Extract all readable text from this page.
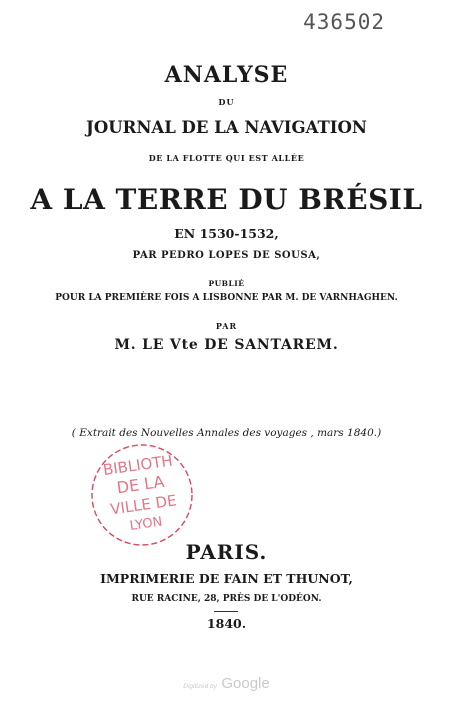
436502
ANALYSE
DU
JOURNAL DE LA NAVIGATION
DE LA FLOTTE QUI EST ALLÉE
A LA TERRE DU BRÉSIL
EN 1530-1532,
PAR PEDRO LOPES DE SOUSA,
PUBLIÉ
POUR LA PREMIÈRE FOIS A LISBONNE PAR M. DE VARNHAGHEN.
PAR
M. LE Vte DE SANTAREM.
( Extrait des Nouvelles Annales des voyages , mars 1840.)
BIBLIOTH
DE LA
VILLE DE
LYON
PARIS.
IMPRIMERIE DE FAIN ET THUNOT,
RUE RACINE, 28, PRÈS DE L'ODÉON.
1840.
Digitized by Google
